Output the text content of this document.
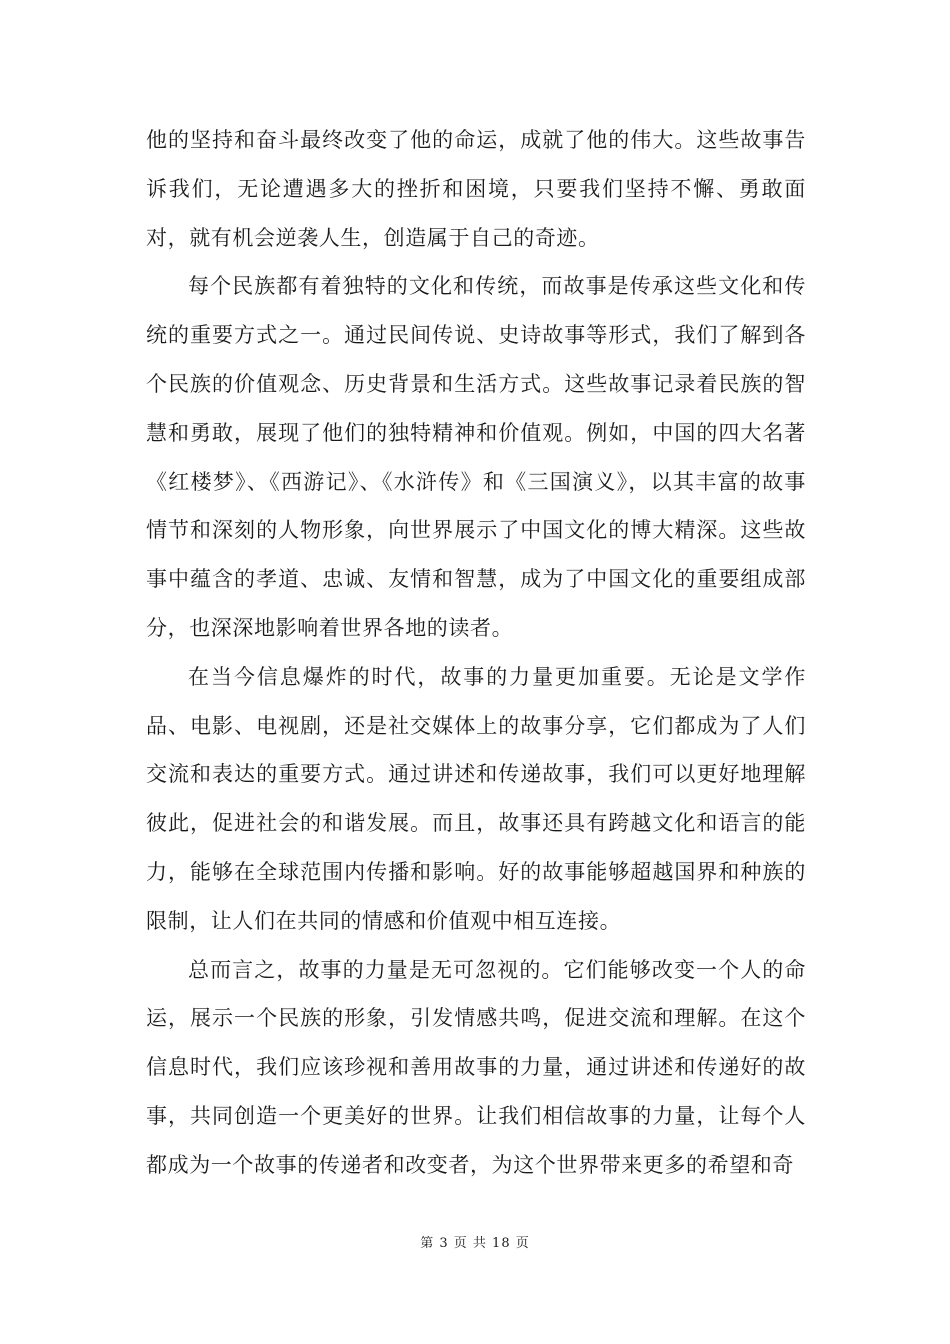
他的坚持和奋斗最终改变了他的命运，成就了他的伟大。这些故事告诉我们，无论遭遇多大的挫折和困境，只要我们坚持不懈、勇敢面对，就有机会逆袭人生，创造属于自己的奇迹。

每个民族都有着独特的文化和传统，而故事是传承这些文化和传统的重要方式之一。通过民间传说、史诗故事等形式，我们了解到各个民族的价值观念、历史背景和生活方式。这些故事记录着民族的智慧和勇敢，展现了他们的独特精神和价值观。例如，中国的四大名著《红楼梦》、《西游记》、《水浒传》和《三国演义》，以其丰富的故事情节和深刻的人物形象，向世界展示了中国文化的博大精深。这些故事中蕴含的孝道、忠诚、友情和智慧，成为了中国文化的重要组成部分，也深深地影响着世界各地的读者。

在当今信息爆炸的时代，故事的力量更加重要。无论是文学作品、电影、电视剧，还是社交媒体上的故事分享，它们都成为了人们交流和表达的重要方式。通过讲述和传递故事，我们可以更好地理解彼此，促进社会的和谐发展。而且，故事还具有跨越文化和语言的能力，能够在全球范围内传播和影响。好的故事能够超越国界和种族的限制，让人们在共同的情感和价值观中相互连接。

总而言之，故事的力量是无可忽视的。它们能够改变一个人的命运，展示一个民族的形象，引发情感共鸣，促进交流和理解。在这个信息时代，我们应该珍视和善用故事的力量，通过讲述和传递好的故事，共同创造一个更美好的世界。让我们相信故事的力量，让每个人都成为一个故事的传递者和改变者，为这个世界带来更多的希望和奇

第 3 页 共 18 页
